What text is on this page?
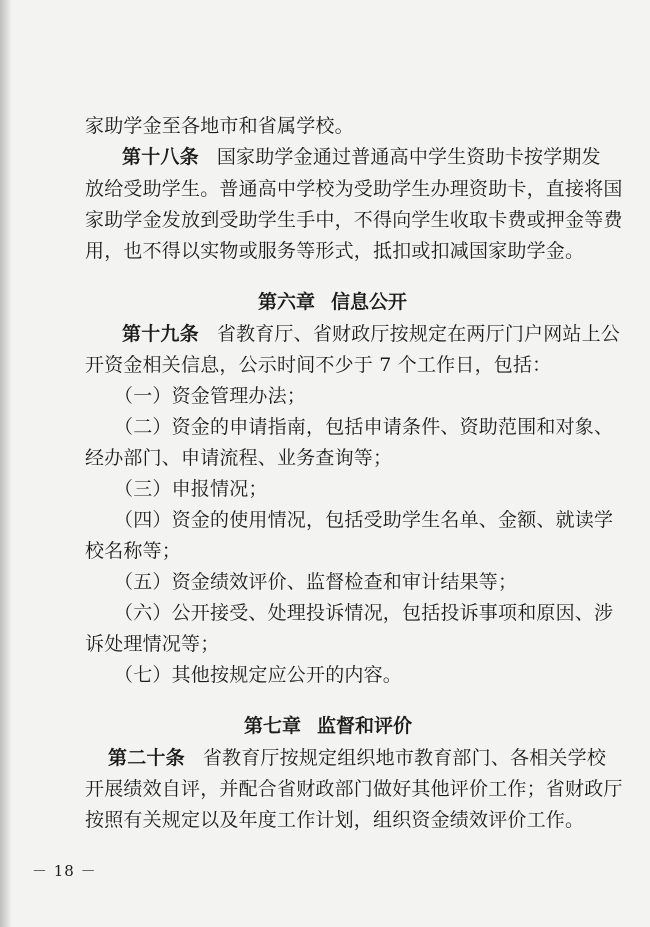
家助学金至各地市和省属学校。
第十八条 国家助学金通过普通高中学生资助卡按学期发
放给受助学生。普通高中学校为受助学生办理资助卡，直接将国
家助学金发放到受助学生手中，不得向学生收取卡费或押金等费
用，也不得以实物或服务等形式，抵扣或扣减国家助学金。
第六章 信息公开
第十九条 省教育厅、省财政厅按规定在两厅门户网站上公
开资金相关信息，公示时间不少于 7 个工作日，包括：
（一）资金管理办法；
（二）资金的申请指南，包括申请条件、资助范围和对象、
经办部门、申请流程、业务查询等；
（三）申报情况；
（四）资金的使用情况，包括受助学生名单、金额、就读学
校名称等；
（五）资金绩效评价、监督检查和审计结果等；
（六）公开接受、处理投诉情况，包括投诉事项和原因、涉
诉处理情况等；
（七）其他按规定应公开的内容。
第七章 监督和评价
第二十条 省教育厅按规定组织地市教育部门、各相关学校
开展绩效自评，并配合省财政部门做好其他评价工作；省财政厅
按照有关规定以及年度工作计划，组织资金绩效评价工作。
－ 18 －
